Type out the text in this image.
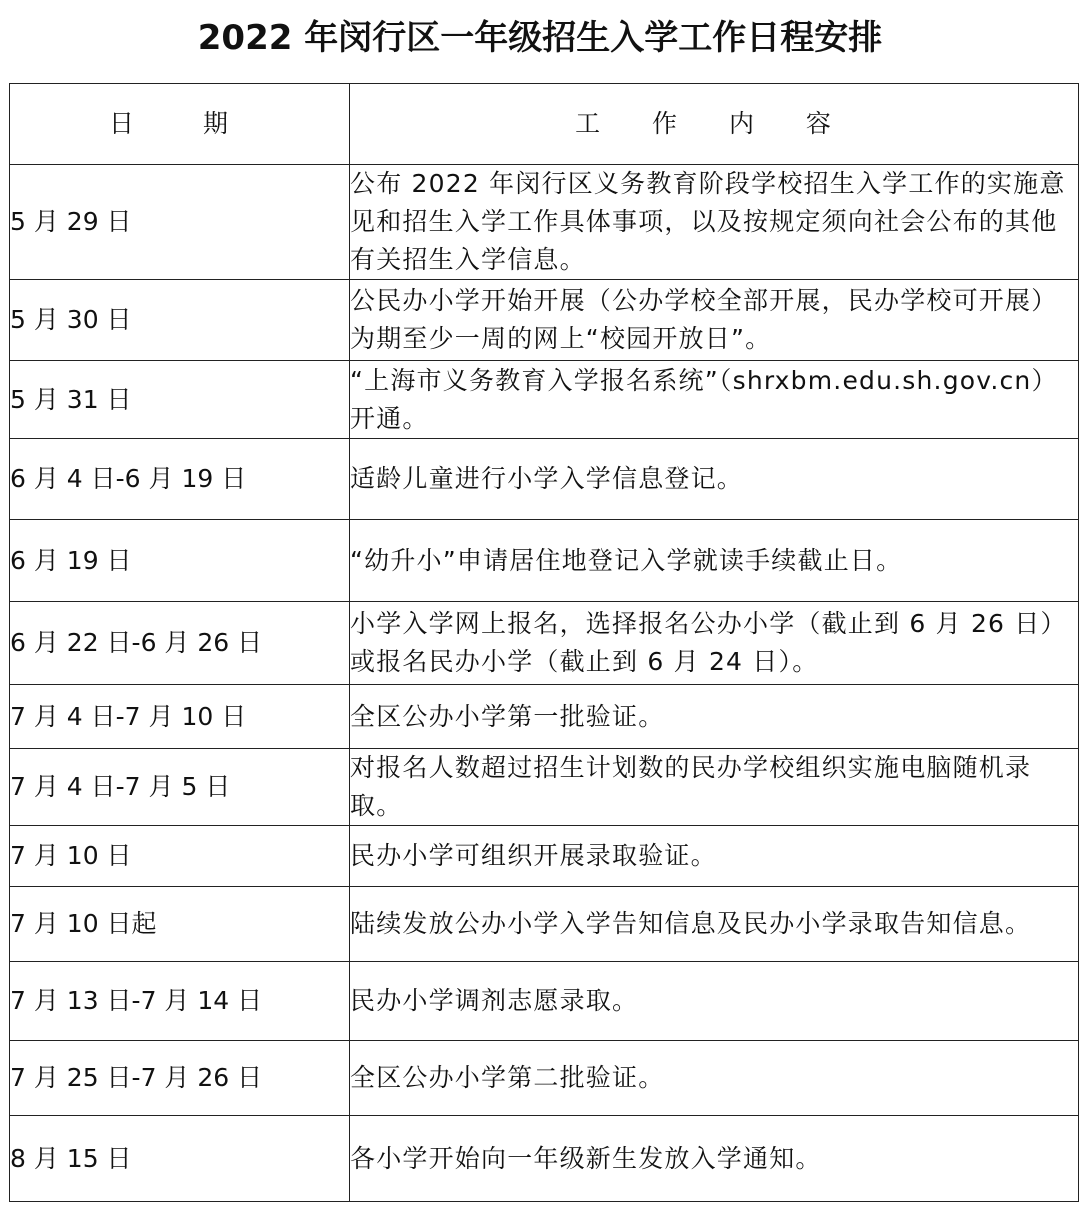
2022 年闵行区一年级招生入学工作日程安排
日　期	工 作 内 容
5 月 29 日	公布 2022 年闵行区义务教育阶段学校招生入学工作的实施意见和招生入学工作具体事项，以及按规定须向社会公布的其他有关招生入学信息。
5 月 30 日	公民办小学开始开展（公办学校全部开展，民办学校可开展）为期至少一周的网上“校园开放日”。
5 月 31 日	“上海市义务教育入学报名系统”（shrxbm.edu.sh.gov.cn）开通。
6 月 4 日-6 月 19 日	适龄儿童进行小学入学信息登记。
6 月 19 日	“幼升小”申请居住地登记入学就读手续截止日。
6 月 22 日-6 月 26 日	小学入学网上报名，选择报名公办小学（截止到 6 月 26 日）或报名民办小学（截止到 6 月 24 日）。
7 月 4 日-7 月 10 日	全区公办小学第一批验证。
7 月 4 日-7 月 5 日	对报名人数超过招生计划数的民办学校组织实施电脑随机录取。
7 月 10 日	民办小学可组织开展录取验证。
7 月 10 日起	陆续发放公办小学入学告知信息及民办小学录取告知信息。
7 月 13 日-7 月 14 日	民办小学调剂志愿录取。
7 月 25 日-7 月 26 日	全区公办小学第二批验证。
8 月 15 日	各小学开始向一年级新生发放入学通知。
